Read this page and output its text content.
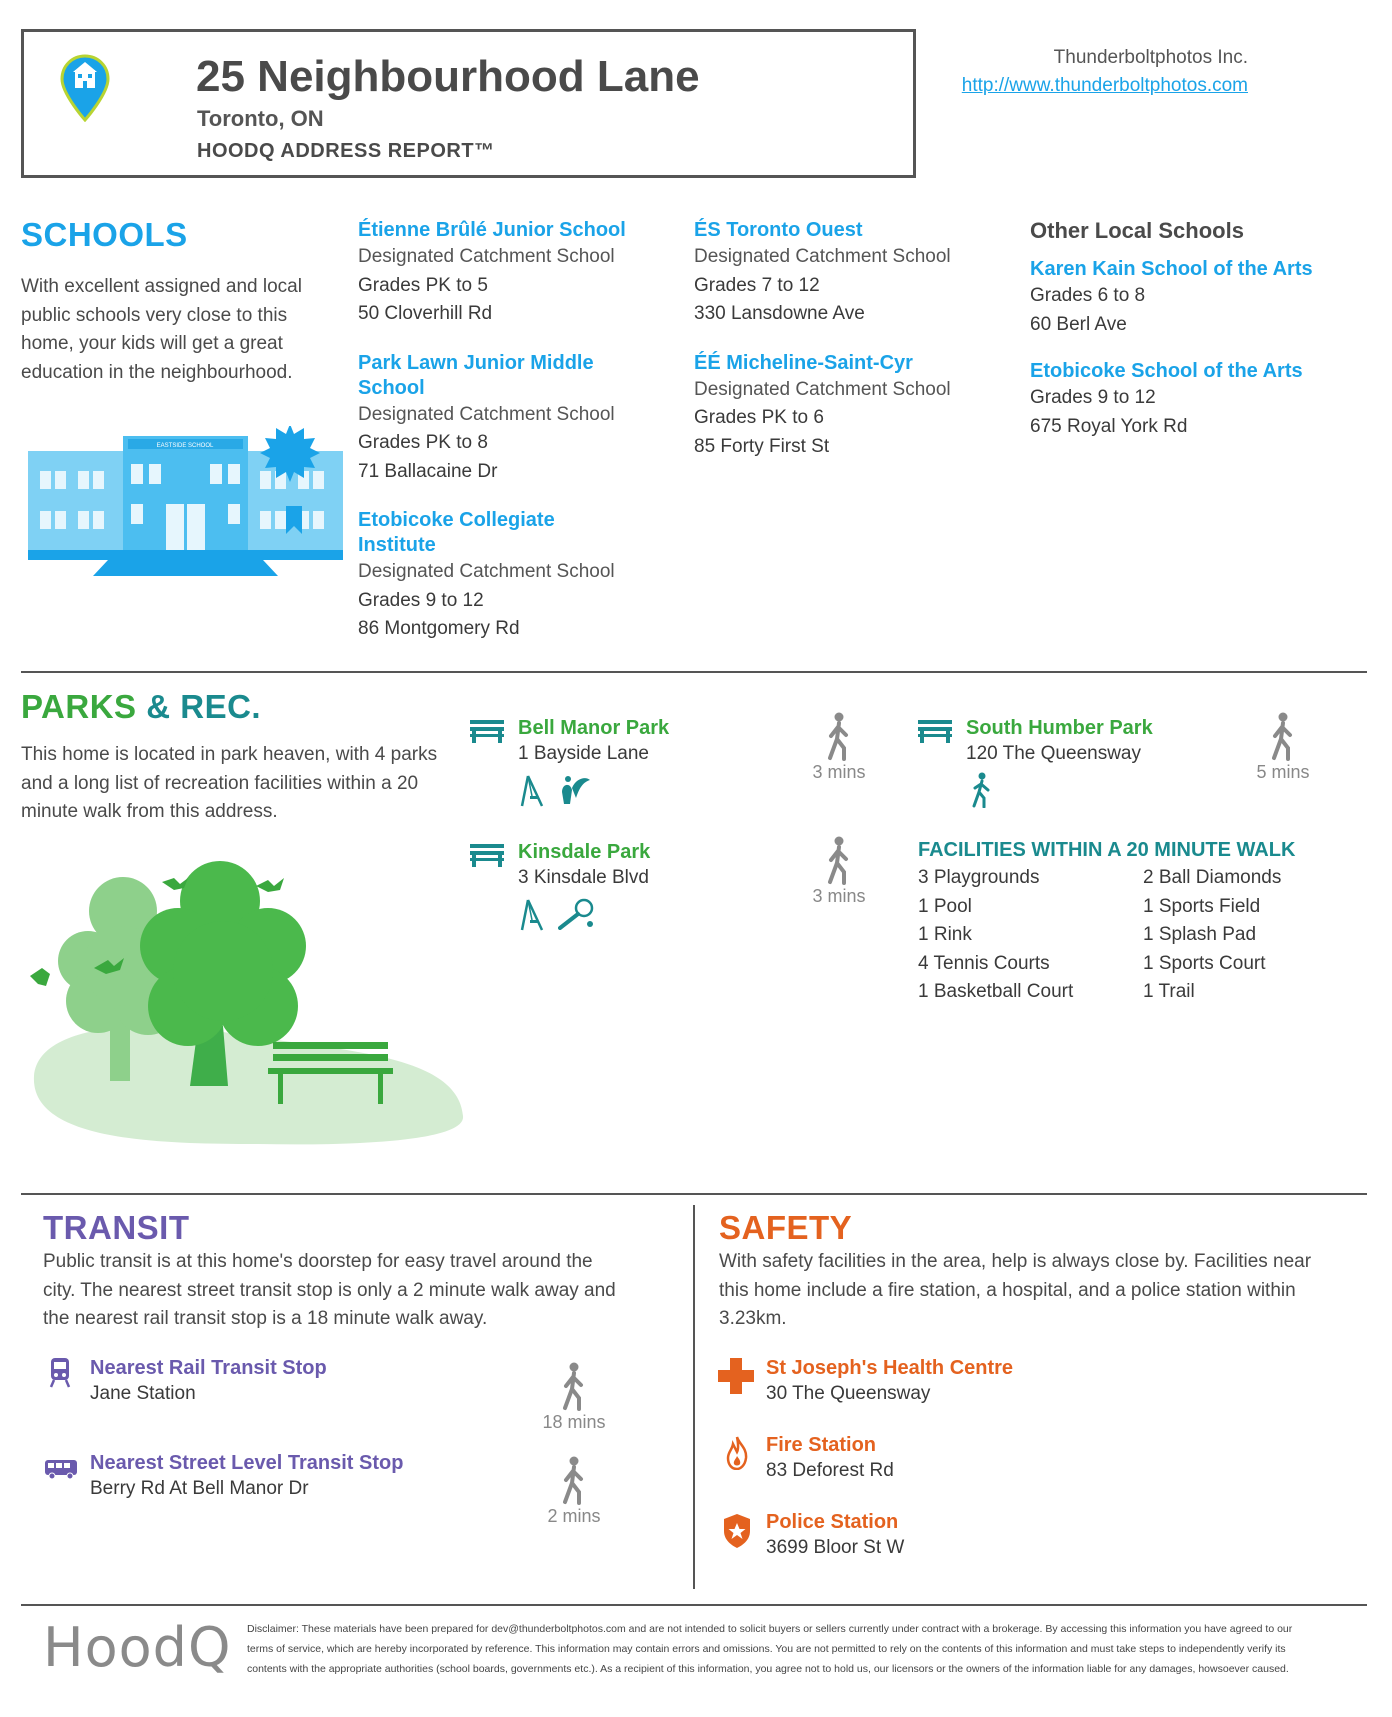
25 Neighbourhood Lane
Toronto, ON
HOODQ ADDRESS REPORT™
Thunderboltphotos Inc.
http://www.thunderboltphotos.com
SCHOOLS
With excellent assigned and local
public schools very close to this
home, your kids will get a great
education in the neighbourhood.
EASTSIDE SCHOOL
Étienne Brûlé Junior School
Designated Catchment School
Grades PK to 5
50 Cloverhill Rd
Park Lawn Junior Middle
School
Designated Catchment School
Grades PK to 8
71 Ballacaine Dr
Etobicoke Collegiate
Institute
Designated Catchment School
Grades 9 to 12
86 Montgomery Rd
ÉS Toronto Ouest
Designated Catchment School
Grades 7 to 12
330 Lansdowne Ave
ÉÉ Micheline-Saint-Cyr
Designated Catchment School
Grades PK to 6
85 Forty First St
Other Local Schools
Karen Kain School of the Arts
Grades 6 to 8
60 Berl Ave
Etobicoke School of the Arts
Grades 9 to 12
675 Royal York Rd
PARKS & REC.
This home is located in park heaven, with 4 parks
and a long list of recreation facilities within a 20
minute walk from this address.
Bell Manor Park
1 Bayside Lane
Kinsdale Park
3 Kinsdale Blvd
South Humber Park
120 The Queensway
3 mins
3 mins
5 mins
FACILITIES WITHIN A 20 MINUTE WALK
3 Playgrounds
1 Pool
1 Rink
4 Tennis Courts
1 Basketball Court
2 Ball Diamonds
1 Sports Field
1 Splash Pad
1 Sports Court
1 Trail
TRANSIT
Public transit is at this home's doorstep for easy travel around the
city. The nearest street transit stop is only a 2 minute walk away and
the nearest rail transit stop is a 18 minute walk away.
Nearest Rail Transit Stop
Jane Station
Nearest Street Level Transit Stop
Berry Rd At Bell Manor Dr
18 mins
2 mins
SAFETY
With safety facilities in the area, help is always close by. Facilities near
this home include a fire station, a hospital, and a police station within
3.23km.
St Joseph's Health Centre
30 The Queensway
Fire Station
83 Deforest Rd
Police Station
3699 Bloor St W
HoodQ Disclaimer: These materials have been prepared for dev@thunderboltphotos.com and are not intended to solicit buyers or sellers currently under contract with a brokerage. By accessing this information you have agreed to our
terms of service, which are hereby incorporated by reference. This information may contain errors and omissions. You are not permitted to rely on the contents of this information and must take steps to independently verify its
contents with the appropriate authorities (school boards, governments etc.). As a recipient of this information, you agree not to hold us, our licensors or the owners of the information liable for any damages, howsoever caused.
